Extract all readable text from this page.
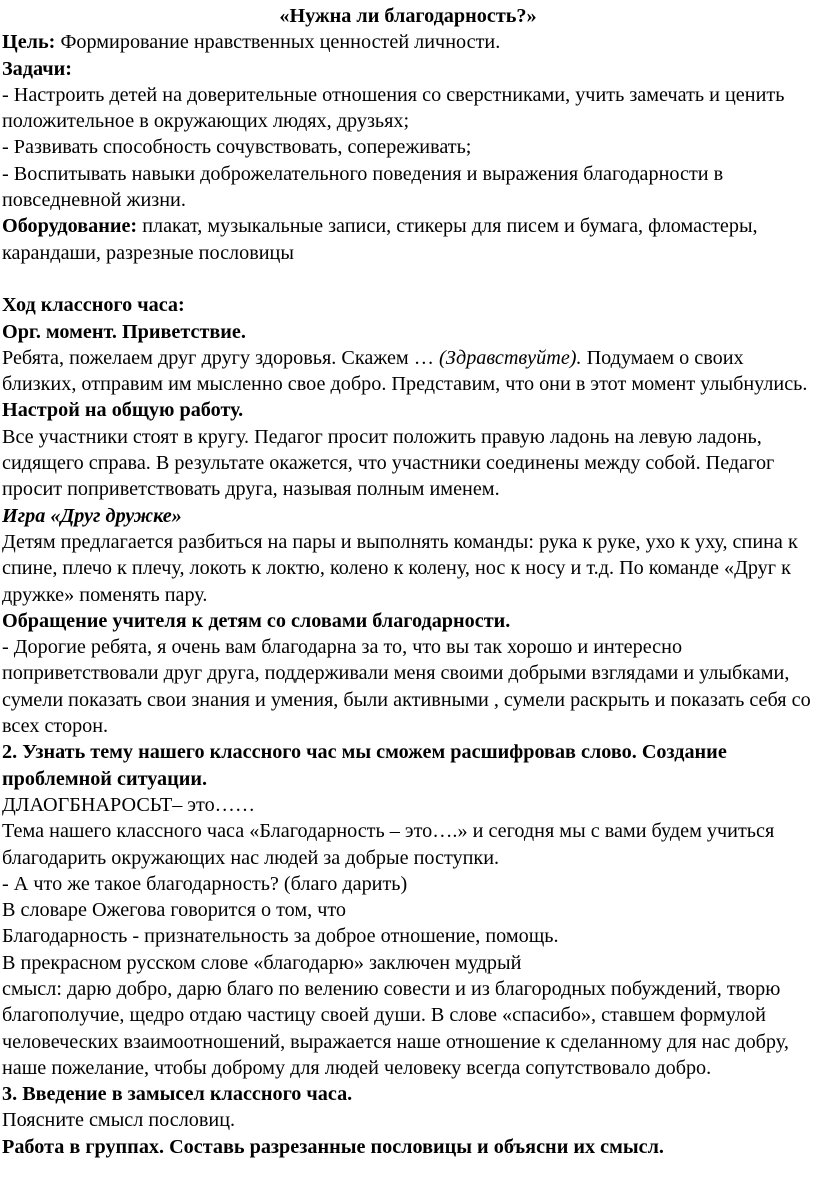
«Нужна ли благодарность?»

Цель: Формирование нравственных ценностей личности.

Задачи:

- Настроить детей на доверительные отношения со сверстниками, учить замечать и ценить положительное в окружающих людях, друзьях;

- Развивать способность сочувствовать, сопереживать;

- Воспитывать навыки доброжелательного поведения и выражения благодарности в повседневной жизни.

Оборудование: плакат, музыкальные записи, стикеры для писем и бумага, фломастеры, карандаши, разрезные пословицы

Ход классного часа:

Орг. момент. Приветствие.

Ребята, пожелаем друг другу здоровья. Скажем … (Здравствуйте). Подумаем о своих близких, отправим им мысленно свое добро. Представим, что они в этот момент улыбнулись.

Настрой на общую работу.

Все участники стоят в кругу. Педагог просит положить правую ладонь на левую ладонь, сидящего справа. В результате окажется, что участники соединены между собой. Педагог просит поприветствовать друга, называя полным именем.

Игра «Друг дружке»

Детям предлагается разбиться на пары и выполнять команды: рука к руке, ухо к уху, спина к спине, плечо к плечу, локоть к локтю, колено к колену, нос к носу и т.д. По команде «Друг к дружке» поменять пару.

Обращение учителя к детям со словами благодарности.

- Дорогие ребята, я очень вам благодарна за то, что вы так хорошо и интересно поприветствовали друг друга, поддерживали меня своими добрыми взглядами и улыбками, сумели показать свои знания и умения, были активными , сумели раскрыть и показать себя со всех сторон.

2. Узнать тему нашего классного час мы сможем расшифровав слово. Создание проблемной ситуации.

ДЛАОГБНАРОСЬТ– это……

Тема нашего классного часа «Благодарность – это….» и сегодня мы с вами будем учиться благодарить окружающих нас людей за добрые поступки.

- А что же такое благодарность? (благо дарить)

В словаре Ожегова говорится о том, что

Благодарность - признательность за доброе отношение, помощь.

В прекрасном русском слове «благодарю» заключен мудрый

смысл: дарю добро, дарю благо по велению совести и из благородных побуждений, творю благополучие, щедро отдаю частицу своей души. В слове «спасибо», ставшем формулой человеческих взаимоотношений, выражается наше отношение к сделанному для нас добру, наше пожелание, чтобы доброму для людей человеку всегда сопутствовало добро.

3. Введение в замысел классного часа.

Поясните смысл пословиц.

Работа в группах. Составь разрезанные пословицы и объясни их смысл.
